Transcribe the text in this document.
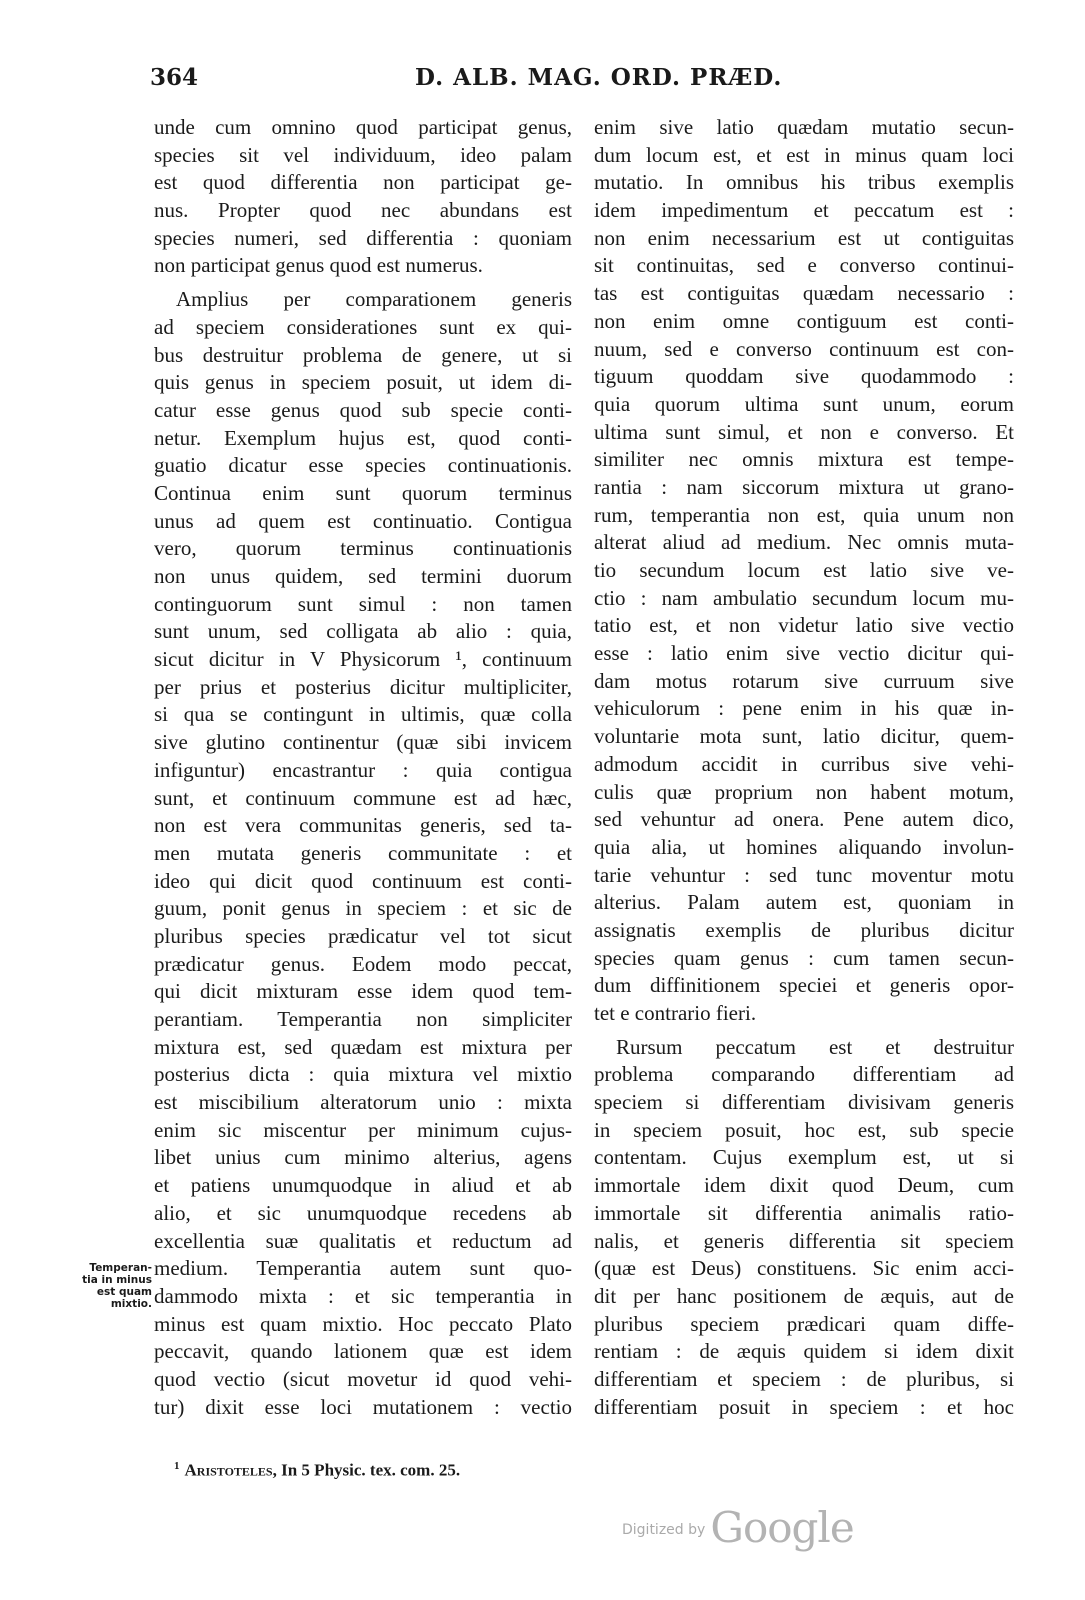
364	D. ALB. MAG. ORD. PRÆD.
unde cum omnino quod participat genus,
species sit vel individuum, ideo palam
est quod differentia non participat ge-
nus. Propter quod nec abundans est
species numeri, sed differentia : quoniam
non participat genus quod est numerus.
Amplius per comparationem generis
ad speciem considerationes sunt ex qui-
bus destruitur problema de genere, ut si
quis genus in speciem posuit, ut idem di-
catur esse genus quod sub specie conti-
netur. Exemplum hujus est, quod conti-
guatio dicatur esse species continuationis.
Continua enim sunt quorum terminus
unus ad quem est continuatio. Contigua
vero, quorum terminus continuationis
non unus quidem, sed termini duorum
continguorum sunt simul : non tamen
sunt unum, sed colligata ab alio : quia,
sicut dicitur in V Physicorum ¹, continuum
per prius et posterius dicitur multipliciter,
si qua se contingunt in ultimis, quæ colla
sive glutino continentur (quæ sibi invicem
infiguntur) encastrantur : quia contigua
sunt, et continuum commune est ad hæc,
non est vera communitas generis, sed ta-
men mutata generis communitate : et
ideo qui dicit quod continuum est conti-
guum, ponit genus in speciem : et sic de
pluribus species prædicatur vel tot sicut
prædicatur genus. Eodem modo peccat,
qui dicit mixturam esse idem quod tem-
perantiam. Temperantia non simpliciter
mixtura est, sed quædam est mixtura per
posterius dicta : quia mixtura vel mixtio
est miscibilium alteratorum unio : mixta
enim sic miscentur per minimum cujus-
libet unius cum minimo alterius, agens
et patiens unumquodque in aliud et ab
alio, et sic unumquodque recedens ab
excellentia suæ qualitatis et reductum ad
medium. Temperantia autem sunt quo-
dammodo mixta : et sic temperantia in
minus est quam mixtio. Hoc peccato Plato
peccavit, quando lationem quæ est idem
quod vectio (sicut movetur id quod vehi-
tur) dixit esse loci mutationem : vectio
enim sive latio quædam mutatio secun-
dum locum est, et est in minus quam loci
mutatio. In omnibus his tribus exemplis
idem impedimentum et peccatum est :
non enim necessarium est ut contiguitas
sit continuitas, sed e converso continui-
tas est contiguitas quædam necessario :
non enim omne contiguum est conti-
nuum, sed e converso continuum est con-
tiguum quoddam sive quodammodo :
quia quorum ultima sunt unum, eorum
ultima sunt simul, et non e converso. Et
similiter nec omnis mixtura est tempe-
rantia : nam siccorum mixtura ut grano-
rum, temperantia non est, quia unum non
alterat aliud ad medium. Nec omnis muta-
tio secundum locum est latio sive ve-
ctio : nam ambulatio secundum locum mu-
tatio est, et non videtur latio sive vectio
esse : latio enim sive vectio dicitur qui-
dam motus rotarum sive curruum sive
vehiculorum : pene enim in his quæ in-
voluntarie mota sunt, latio dicitur, quem-
admodum accidit in curribus sive vehi-
culis quæ proprium non habent motum,
sed vehuntur ad onera. Pene autem dico,
quia alia, ut homines aliquando involun-
tarie vehuntur : sed tunc moventur motu
alterius. Palam autem est, quoniam in
assignatis exemplis de pluribus dicitur
species quam genus : cum tamen secun-
dum diffinitionem speciei et generis opor-
tet e contrario fieri.
Rursum peccatum est et destruitur
problema comparando differentiam ad
speciem si differentiam divisivam generis
in speciem posuit, hoc est, sub specie
contentam. Cujus exemplum est, ut si
immortale idem dixit quod Deum, cum
immortale sit differentia animalis ratio-
nalis, et generis differentia sit speciem
(quæ est Deus) constituens. Sic enim acci-
dit per hanc positionem de æquis, aut de
pluribus speciem prædicari quam diffe-
rentiam : de æquis quidem si idem dixit
differentiam et speciem : de pluribus, si
differentiam posuit in speciem : et hoc
Temperan-
tia in minus
est quam
mixtio.
$^1$ Aristoteles, In 5 Physic. tex. com. 25.
Digitized by Google
